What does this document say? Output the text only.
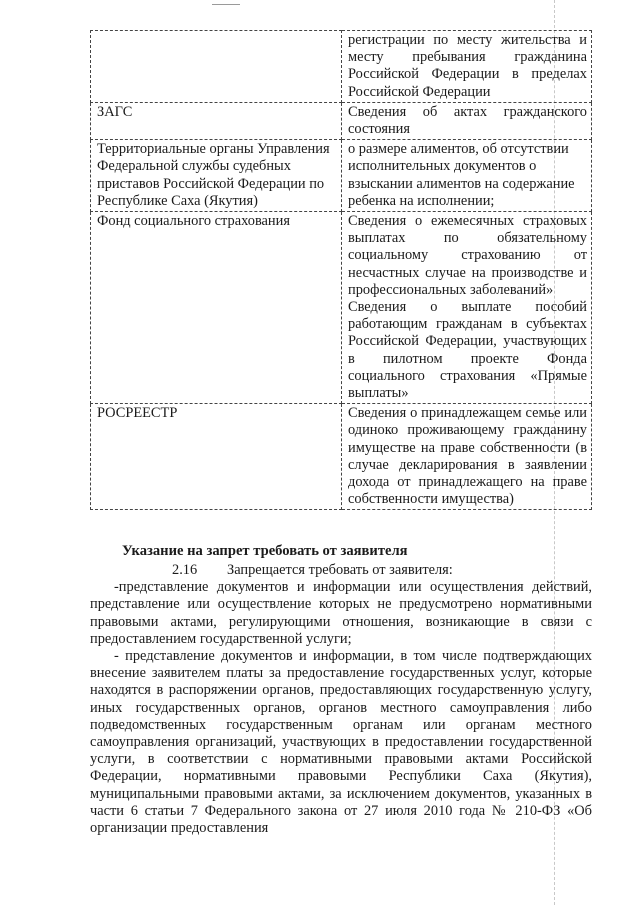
	регистрации по месту жительства и месту пребывания гражданина Российской Федерации в пределах Российской Федерации

ЗАГС	Сведения об актах гражданского состояния

Территориальные органы Управления Федеральной службы судебных приставов Российской Федерации по Республике Саха (Якутия)	о размере алиментов, об отсутствии исполнительных документов о взыскании алиментов на содержание ребенка на исполнении;

Фонд социального страхования	Сведения о ежемесячных страховых выплатах по обязательному социальному страхованию от несчастных случае на производстве и профессиональных заболеваний»
Сведения о выплате пособий работающим гражданам в субъектах Российской Федерации, участвующих в пилотном проекте Фонда социального страхования «Прямые выплаты»

РОСРЕЕСТР	Сведения о принадлежащем семье или одиноко проживающему гражданину имуществе на праве собственности (в случае декларирования в заявлении дохода от принадлежащего на праве собственности имущества)
Указание на запрет требовать от заявителя
2.16 Запрещается требовать от заявителя:
-представление документов и информации или осуществления действий, представление или осуществление которых не предусмотрено нормативными правовыми актами, регулирующими отношения, возникающие в связи с предоставлением государственной услуги;
- представление документов и информации, в том числе подтверждающих внесение заявителем платы за предоставление государственных услуг, которые находятся в распоряжении органов, предоставляющих государственную услугу, иных государственных органов, органов местного самоуправления либо подведомственных государственным органам или органам местного самоуправления организаций, участвующих в предоставлении государственной услуги, в соответствии с нормативными правовыми актами Российской Федерации, нормативными правовыми Республики Саха (Якутия), муниципальными правовыми актами, за исключением документов, указанных в части 6 статьи 7 Федерального закона от 27 июля 2010 года № 210-ФЗ «Об организации предоставления
